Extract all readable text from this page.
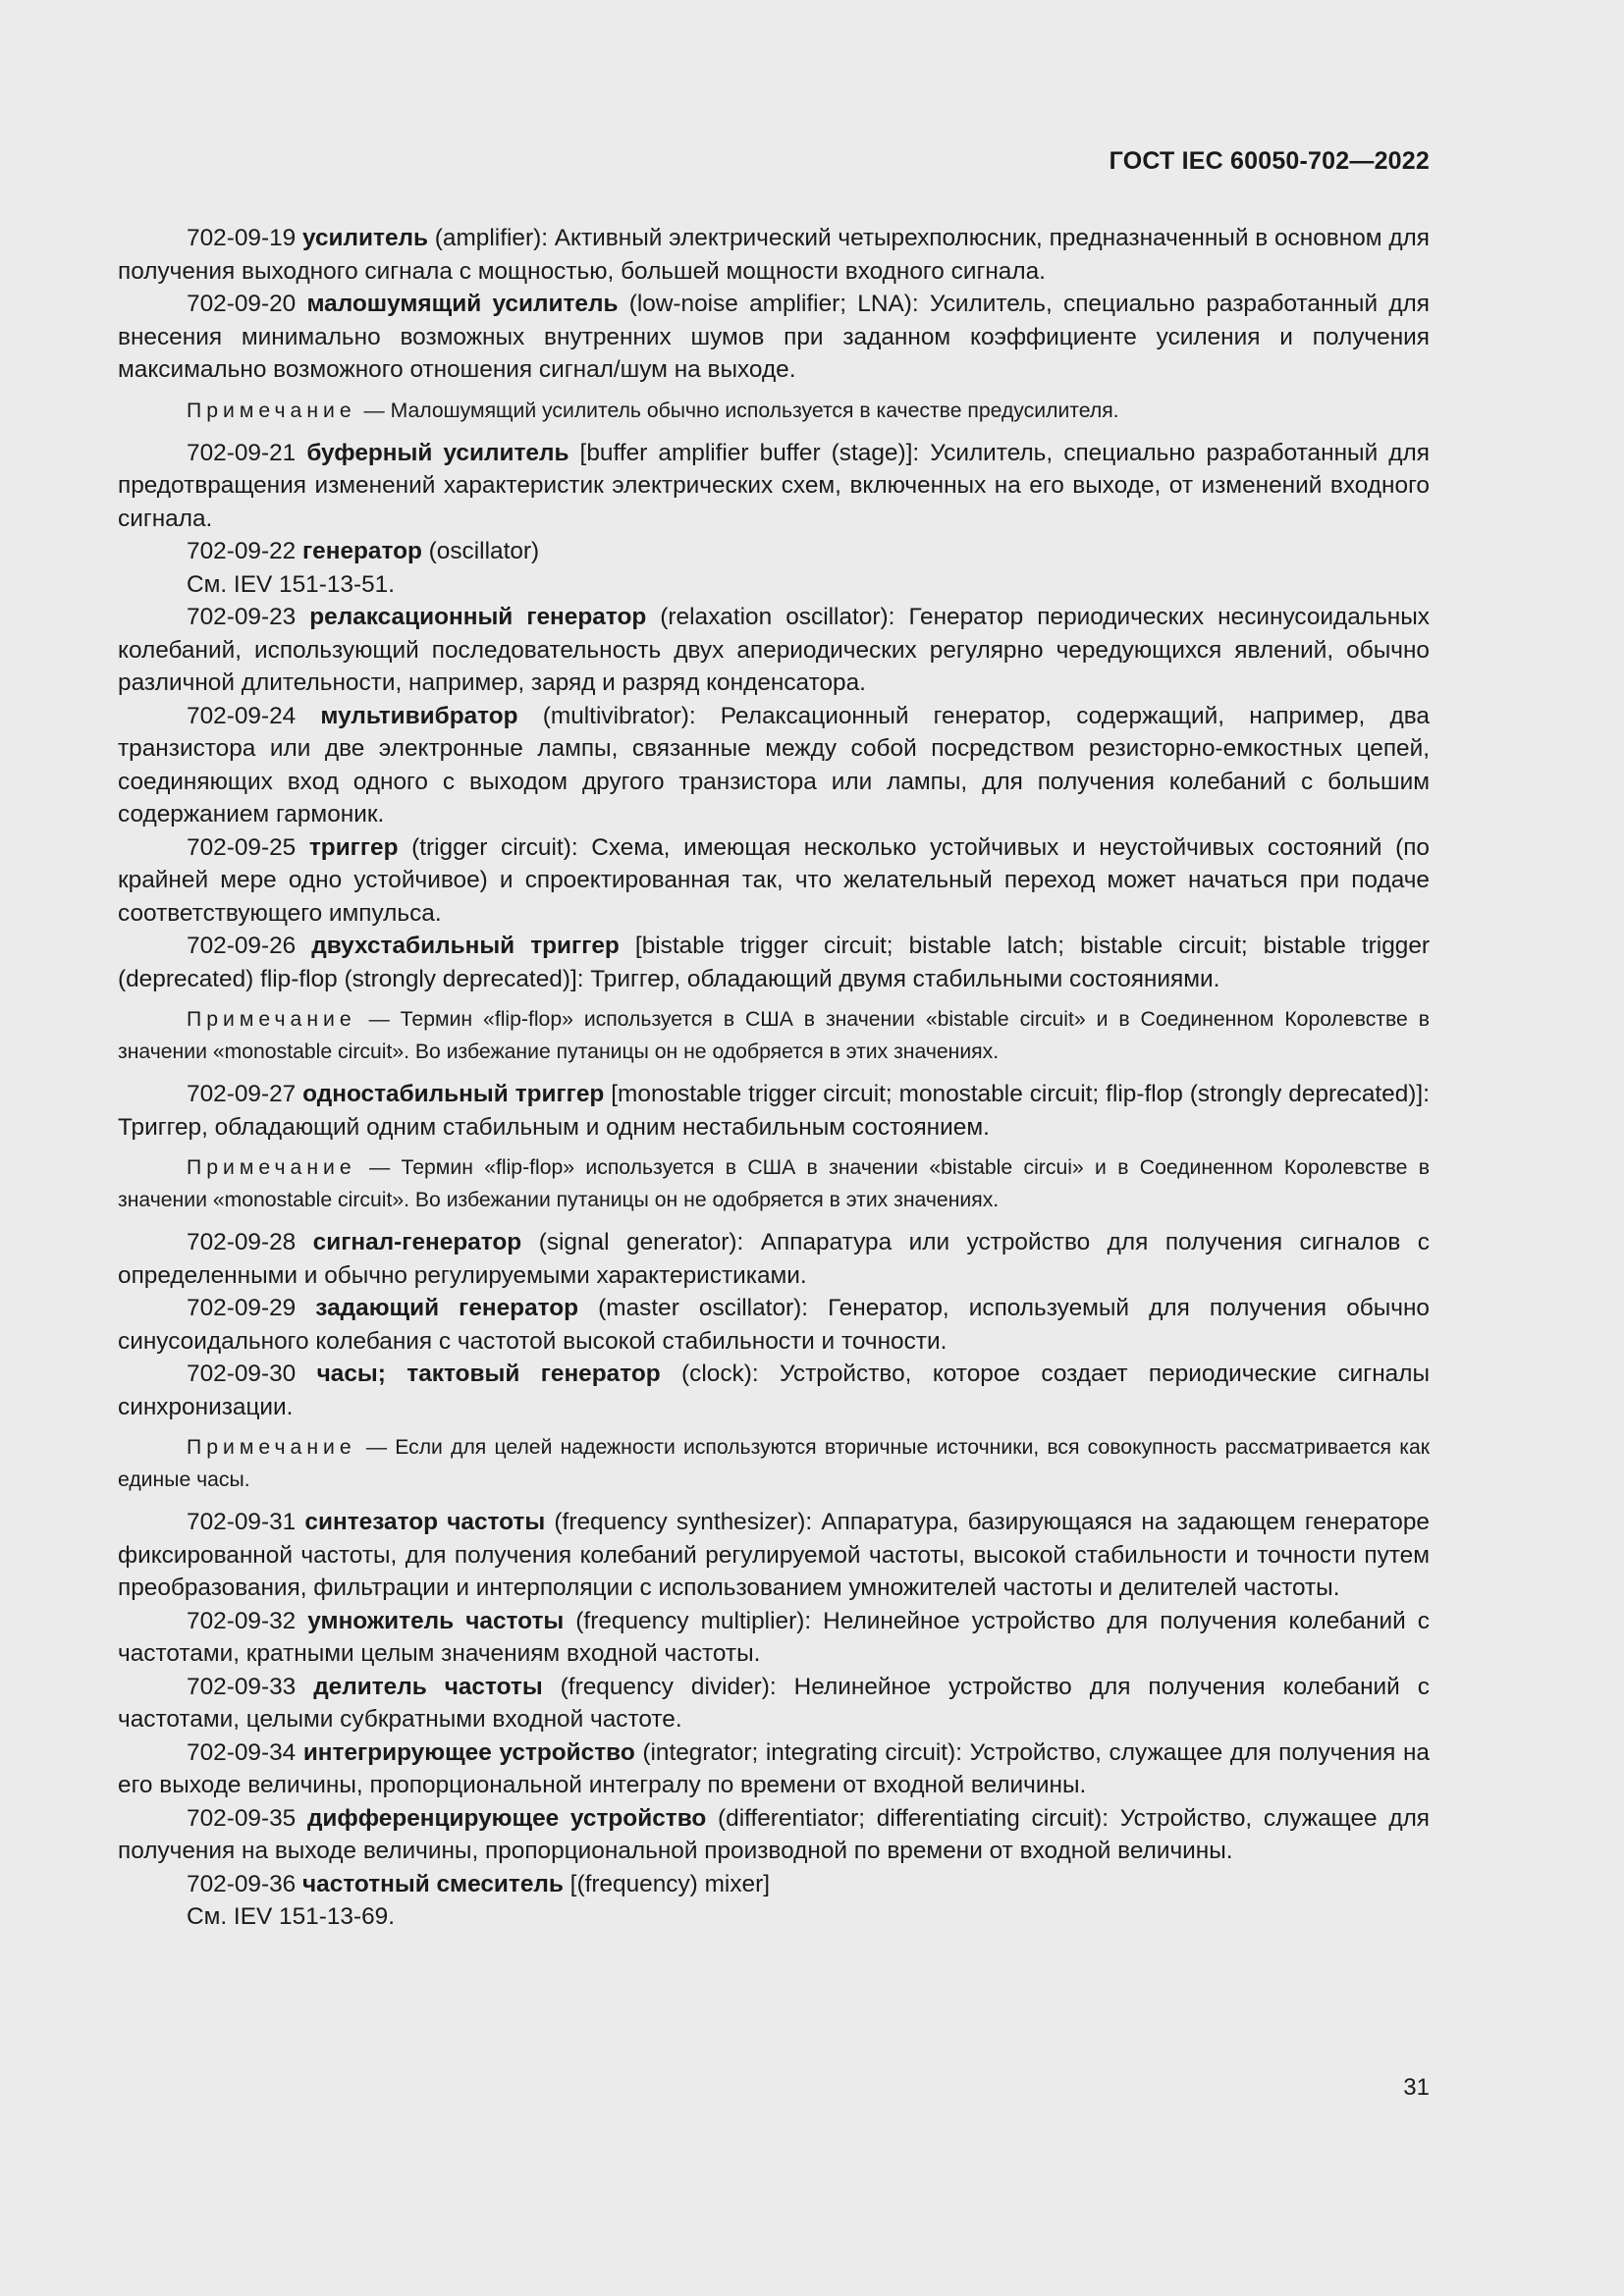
ГОСТ IEC 60050-702—2022

702-09-19 усилитель (amplifier): Активный электрический четырехполюсник, предназначенный в основном для получения выходного сигнала с мощностью, большей мощности входного сигнала.

702-09-20 малошумящий усилитель (low-noise amplifier; LNA): Усилитель, специально разработанный для внесения минимально возможных внутренних шумов при заданном коэффициенте усиления и получения максимально возможного отношения сигнал/шум на выходе.

Примечание — Малошумящий усилитель обычно используется в качестве предусилителя.

702-09-21 буферный усилитель [buffer amplifier buffer (stage)]: Усилитель, специально разработанный для предотвращения изменений характеристик электрических схем, включенных на его выходе, от изменений входного сигнала.

702-09-22 генератор (oscillator)

См. IEV 151-13-51.

702-09-23 релаксационный генератор (relaxation oscillator): Генератор периодических несинусоидальных колебаний, использующий последовательность двух апериодических регулярно чередующихся явлений, обычно различной длительности, например, заряд и разряд конденсатора.

702-09-24 мультивибратор (multivibrator): Релаксационный генератор, содержащий, например, два транзистора или две электронные лампы, связанные между собой посредством резисторно-емкостных цепей, соединяющих вход одного с выходом другого транзистора или лампы, для получения колебаний с большим содержанием гармоник.

702-09-25 триггер (trigger circuit): Схема, имеющая несколько устойчивых и неустойчивых состояний (по крайней мере одно устойчивое) и спроектированная так, что желательный переход может начаться при подаче соответствующего импульса.

702-09-26 двухстабильный триггер [bistable trigger circuit; bistable latch; bistable circuit; bistable trigger (deprecated) flip-flop (strongly deprecated)]: Триггер, обладающий двумя стабильными состояниями.

Примечание — Термин «flip-flop» используется в США в значении «bistable circuit» и в Соединенном Королевстве в значении «monostable circuit». Во избежание путаницы он не одобряется в этих значениях.

702-09-27 одностабильный триггер [monostable trigger circuit; monostable circuit; flip-flop (strongly deprecated)]: Триггер, обладающий одним стабильным и одним нестабильным состоянием.

Примечание — Термин «flip-flop» используется в США в значении «bistable circui» и в Соединенном Королевстве в значении «monostable circuit». Во избежании путаницы он не одобряется в этих значениях.

702-09-28 сигнал-генератор (signal generator): Аппаратура или устройство для получения сигналов с определенными и обычно регулируемыми характеристиками.

702-09-29 задающий генератор (master oscillator): Генератор, используемый для получения обычно синусоидального колебания с частотой высокой стабильности и точности.

702-09-30 часы; тактовый генератор (clock): Устройство, которое создает периодические сигналы синхронизации.

Примечание — Если для целей надежности используются вторичные источники, вся совокупность рассматривается как единые часы.

702-09-31 синтезатор частоты (frequency synthesizer): Аппаратура, базирующаяся на задающем генераторе фиксированной частоты, для получения колебаний регулируемой частоты, высокой стабильности и точности путем преобразования, фильтрации и интерполяции с использованием умножителей частоты и делителей частоты.

702-09-32 умножитель частоты (frequency multiplier): Нелинейное устройство для получения колебаний с частотами, кратными целым значениям входной частоты.

702-09-33 делитель частоты (frequency divider): Нелинейное устройство для получения колебаний с частотами, целыми субкратными входной частоте.

702-09-34 интегрирующее устройство (integrator; integrating circuit): Устройство, служащее для получения на его выходе величины, пропорциональной интегралу по времени от входной величины.

702-09-35 дифференцирующее устройство (differentiator; differentiating circuit): Устройство, служащее для получения на выходе величины, пропорциональной производной по времени от входной величины.

702-09-36 частотный смеситель [(frequency) mixer]

См. IEV 151-13-69.

31
